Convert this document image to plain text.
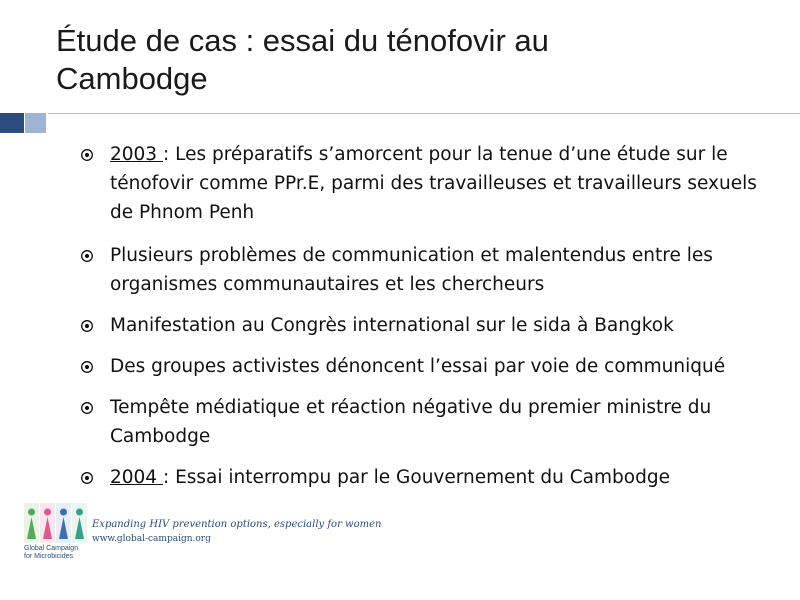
Étude de cas : essai du ténofovir au
Cambodge
2003 : Les préparatifs s’amorcent pour la tenue d’une étude sur le ténofovir comme PPr.E, parmi des travailleuses et travailleurs sexuels de Phnom Penh
Plusieurs problèmes de communication et malentendus entre les organismes communautaires et les chercheurs
Manifestation au Congrès international sur le sida à Bangkok
Des groupes activistes dénoncent l’essai par voie de communiqué
Tempête médiatique et réaction négative du premier ministre du Cambodge
2004 : Essai interrompu par le Gouvernement du Cambodge
Global Campaign
for Microbicides
Expanding HIV prevention options, especially for women
www.global-campaign.org
